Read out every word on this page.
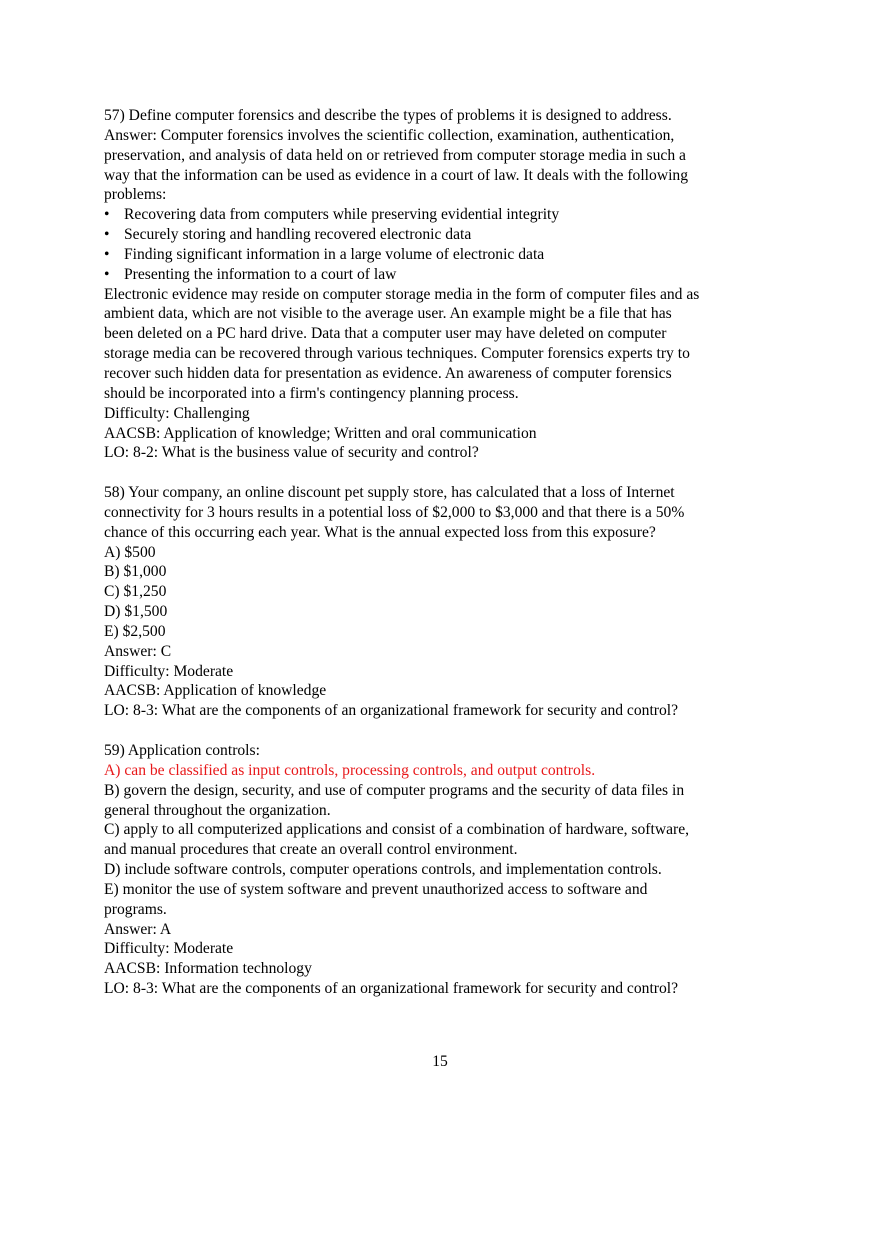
57) Define computer forensics and describe the types of problems it is designed to address.
Answer: Computer forensics involves the scientific collection, examination, authentication,
preservation, and analysis of data held on or retrieved from computer storage media in such a
way that the information can be used as evidence in a court of law. It deals with the following
problems:
• Recovering data from computers while preserving evidential integrity
• Securely storing and handling recovered electronic data
• Finding significant information in a large volume of electronic data
• Presenting the information to a court of law
Electronic evidence may reside on computer storage media in the form of computer files and as
ambient data, which are not visible to the average user. An example might be a file that has
been deleted on a PC hard drive. Data that a computer user may have deleted on computer
storage media can be recovered through various techniques. Computer forensics experts try to
recover such hidden data for presentation as evidence. An awareness of computer forensics
should be incorporated into a firm's contingency planning process.
Difficulty: Challenging
AACSB: Application of knowledge; Written and oral communication
LO: 8-2: What is the business value of security and control?
58) Your company, an online discount pet supply store, has calculated that a loss of Internet
connectivity for 3 hours results in a potential loss of $2,000 to $3,000 and that there is a 50%
chance of this occurring each year. What is the annual expected loss from this exposure?
A) $500
B) $1,000
C) $1,250
D) $1,500
E) $2,500
Answer: C
Difficulty: Moderate
AACSB: Application of knowledge
LO: 8-3: What are the components of an organizational framework for security and control?
59) Application controls:
A) can be classified as input controls, processing controls, and output controls.
B) govern the design, security, and use of computer programs and the security of data files in
general throughout the organization.
C) apply to all computerized applications and consist of a combination of hardware, software,
and manual procedures that create an overall control environment.
D) include software controls, computer operations controls, and implementation controls.
E) monitor the use of system software and prevent unauthorized access to software and
programs.
Answer: A
Difficulty: Moderate
AACSB: Information technology
LO: 8-3: What are the components of an organizational framework for security and control?
15
